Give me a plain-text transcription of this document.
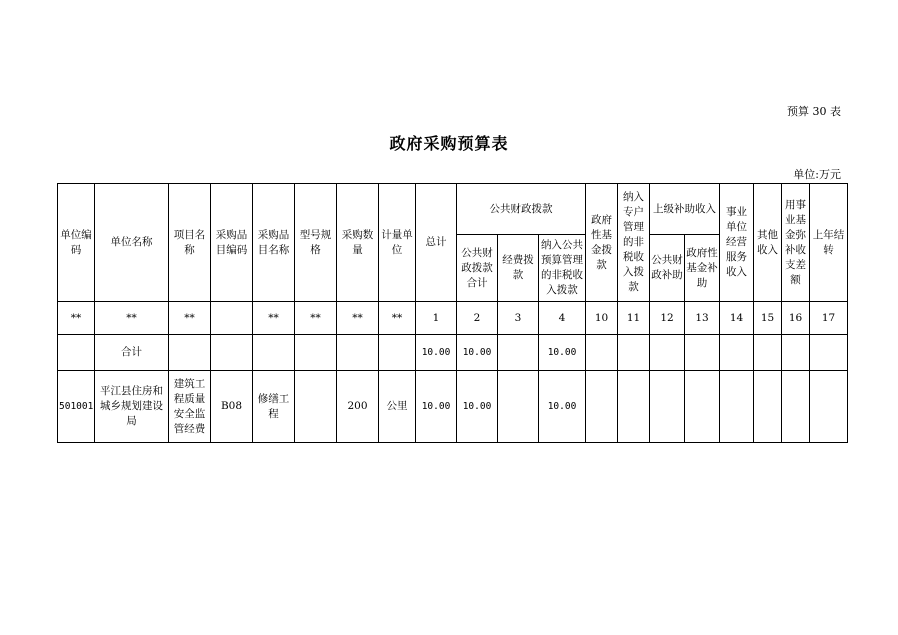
预算 30 表
政府采购预算表
单位:万元
单位编码	单位名称	项目名称	采购品目编码	采购品目名称	型号规格	采购数量	计量单位	总计	公共财政拨款			政府性基金拨款	纳入专户管理的非税收入拨款	上级补助收入		事业单位经营服务收入	其他收入	用事业基金弥补收支差额	上年结转

									公共财政拨款合计	经费拨款	纳入公共预算管理的非税收入拨款			公共财政补助	政府性基金补助				
**	**	**		**	**	**	**	1	2	3	4	10	11	12	13	14	15	16	17
	合计							10.00	10.00		10.00								
501001	平江县住房和城乡规划建设局	建筑工程质量安全监管经费	B08	修缮工程		200	公里	10.00	10.00		10.00								
